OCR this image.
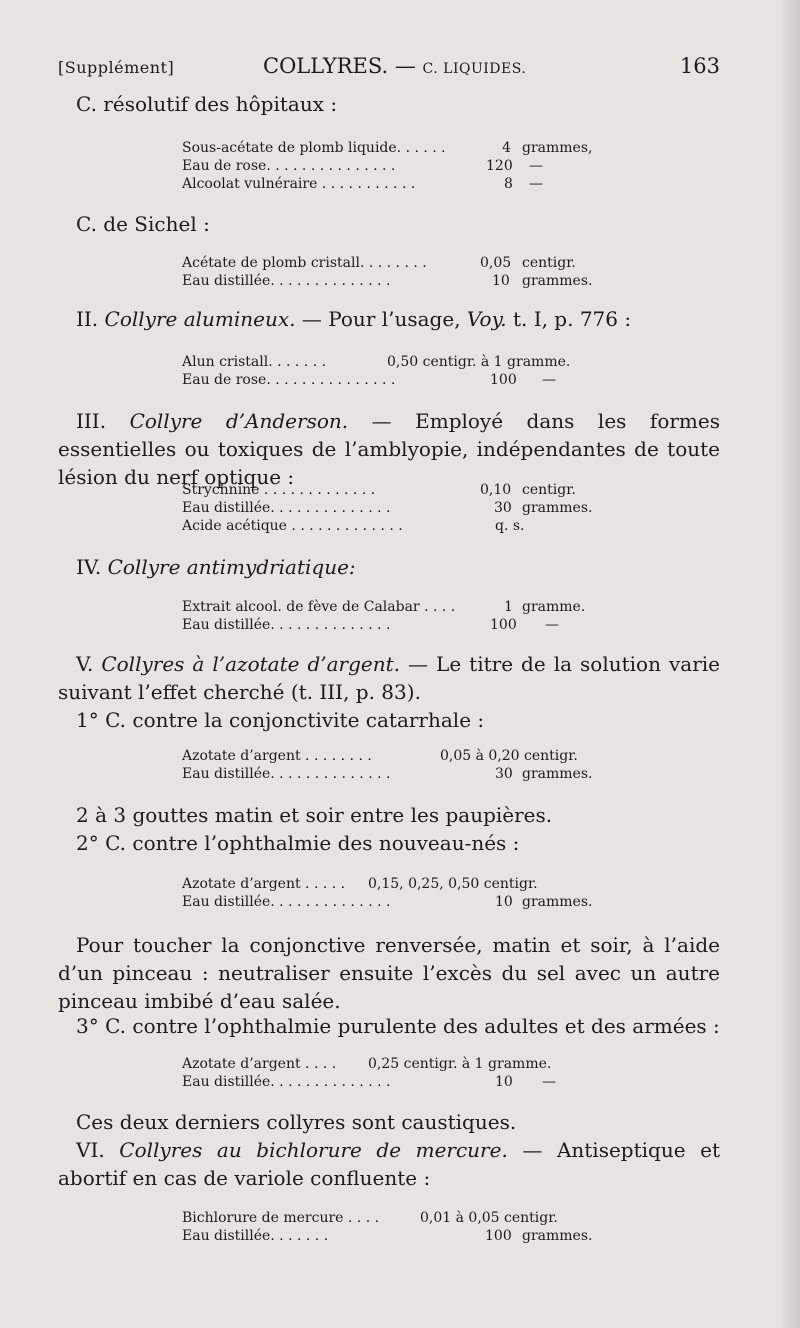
[Supplément]	COLLYRES. — C. LIQUIDES.	163
C. résolutif des hôpitaux :
Sous-acétate de plomb liquide. . . . . .	4 grammes,
Eau de rose. . . . . . . . . . . . . . .	120 —
Alcoolat vulnéraire . . . . . . . . . . .	8 —
C. de Sichel :
Acétate de plomb cristall. . . . . . . .	0,05 centigr.
Eau distillée. . . . . . . . . . . . . .	10 grammes.
II. Collyre alumineux. — Pour l’usage, Voy. t. I, p. 776 :
Alun cristall. . . . . . .	0,50 centigr. à 1 gramme.
Eau de rose. . . . . . . . . . . . . . .	100 —
III. Collyre d’Anderson. — Employé dans les formes essentielles ou toxiques de l’amblyopie, indépendantes de toute lésion du nerf optique :
Strychnine . . . . . . . . . . . . .	0,10 centigr.
Eau distillée. . . . . . . . . . . . . .	30 grammes.
Acide acétique . . . . . . . . . . . . .	q. s.
IV. Collyre antimydriatique:
Extrait alcool. de fève de Calabar . . . .	1 gramme.
Eau distillée. . . . . . . . . . . . . .	100 —
V. Collyres à l’azotate d’argent. — Le titre de la solution varie suivant l’effet cherché (t. III, p. 83).
1° C. contre la conjonctivite catarrhale :
Azotate d’argent . . . . . . . .	0,05 à 0,20 centigr.
Eau distillée. . . . . . . . . . . . . .	30 grammes.
2 à 3 gouttes matin et soir entre les paupières.
2° C. contre l’ophthalmie des nouveau-nés :
Azotate d’argent . . . . . 0,15, 0,25, 0,50 centigr.
Eau distillée. . . . . . . . . . . . . .	10 grammes.
Pour toucher la conjonctive renversée, matin et soir, à l’aide d’un pinceau : neutraliser ensuite l’excès du sel avec un autre pinceau imbibé d’eau salée.
3° C. contre l’ophthalmie purulente des adultes et des armées :
Azotate d’argent . . . . 0,25 centigr. à 1 gramme.
Eau distillée. . . . . . . . . . . . . .	10 —
Ces deux derniers collyres sont caustiques.
VI. Collyres au bichlorure de mercure. — Antiseptique et abortif en cas de variole confluente :
Bichlorure de mercure . . . .	0,01 à 0,05 centigr.
Eau distillée. . . . . . .	100 grammes.
